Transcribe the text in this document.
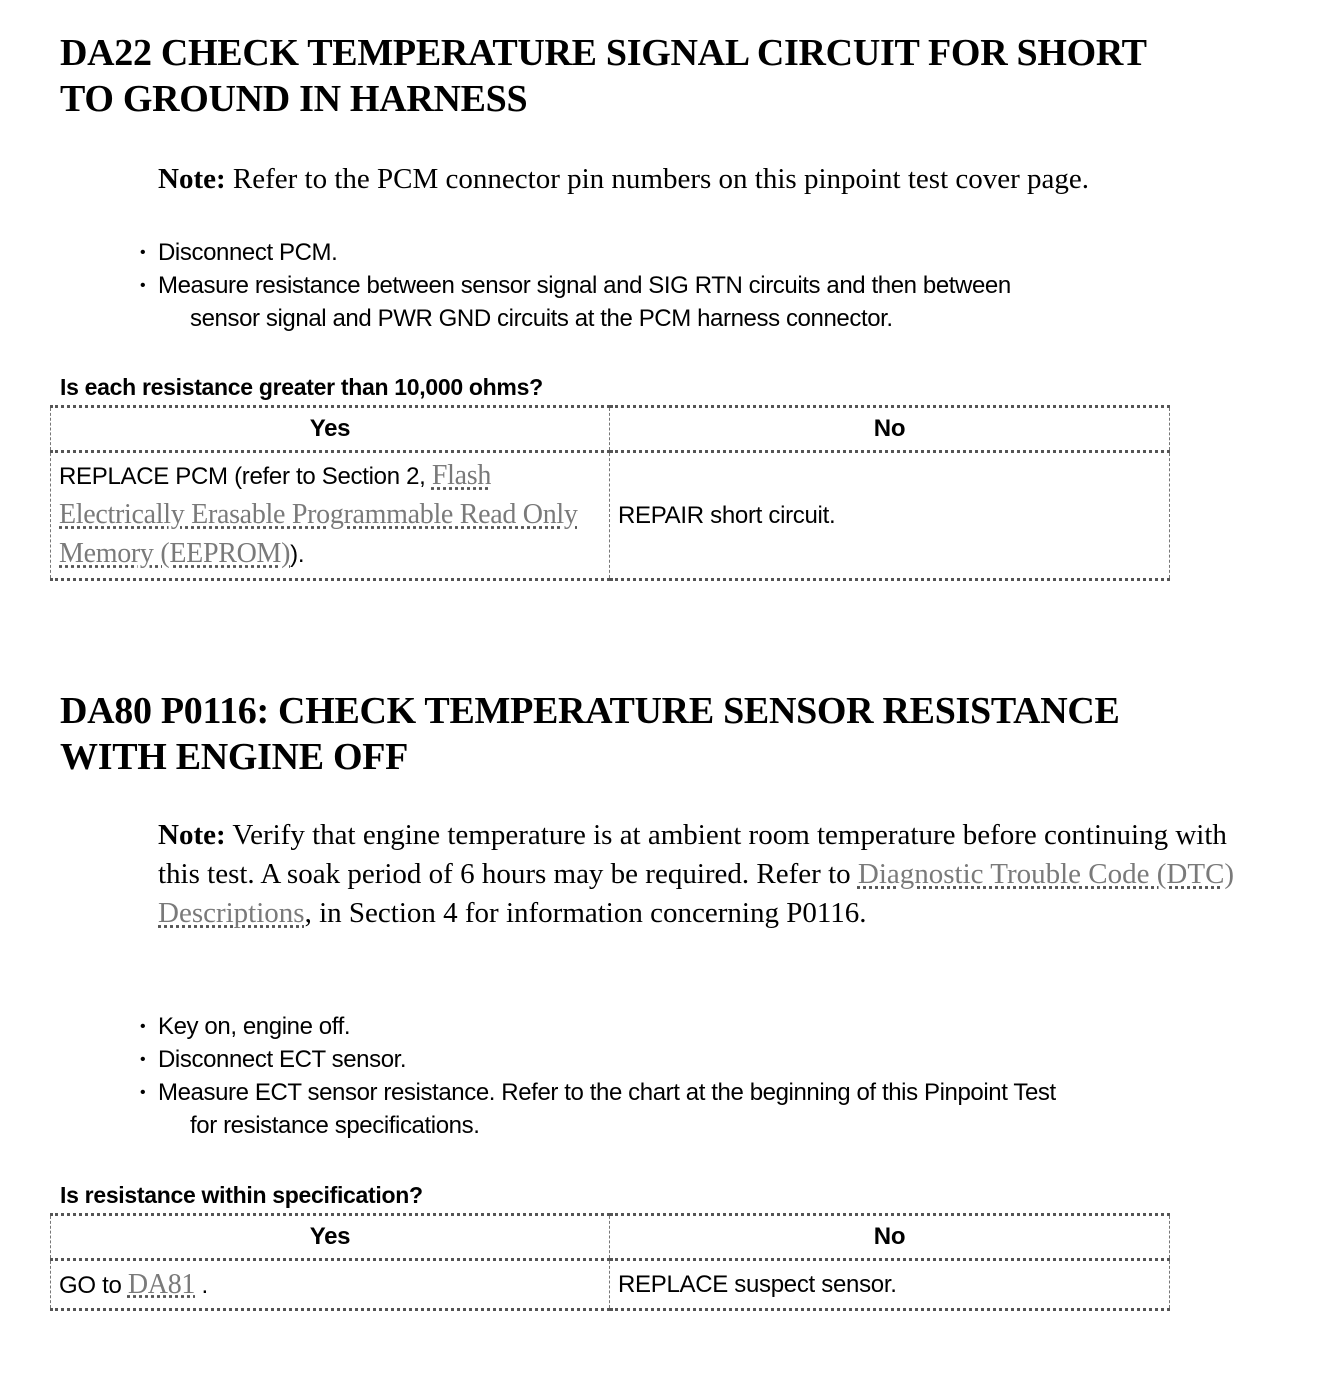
DA22 CHECK TEMPERATURE SIGNAL CIRCUIT FOR SHORT
TO GROUND IN HARNESS

Note: Refer to the PCM connector pin numbers on this pinpoint test cover page.

• Disconnect PCM.
• Measure resistance between sensor signal and SIG RTN circuits and then between
sensor signal and PWR GND circuits at the PCM harness connector.

Is each resistance greater than 10,000 ohms?

Yes	No
REPLACE PCM (refer to Section 2, Flash Electrically Erasable Programmable Read Only Memory (EEPROM)).	REPAIR short circuit.
DA80 P0116: CHECK TEMPERATURE SENSOR RESISTANCE
WITH ENGINE OFF

Note: Verify that engine temperature is at ambient room temperature before continuing with this test. A soak period of 6 hours may be required. Refer to Diagnostic Trouble Code (DTC) Descriptions, in Section 4 for information concerning P0116.

• Key on, engine off.
• Disconnect ECT sensor.
• Measure ECT sensor resistance. Refer to the chart at the beginning of this Pinpoint Test
for resistance specifications.

Is resistance within specification?

Yes	No
GO to DA81 .	REPLACE suspect sensor.
